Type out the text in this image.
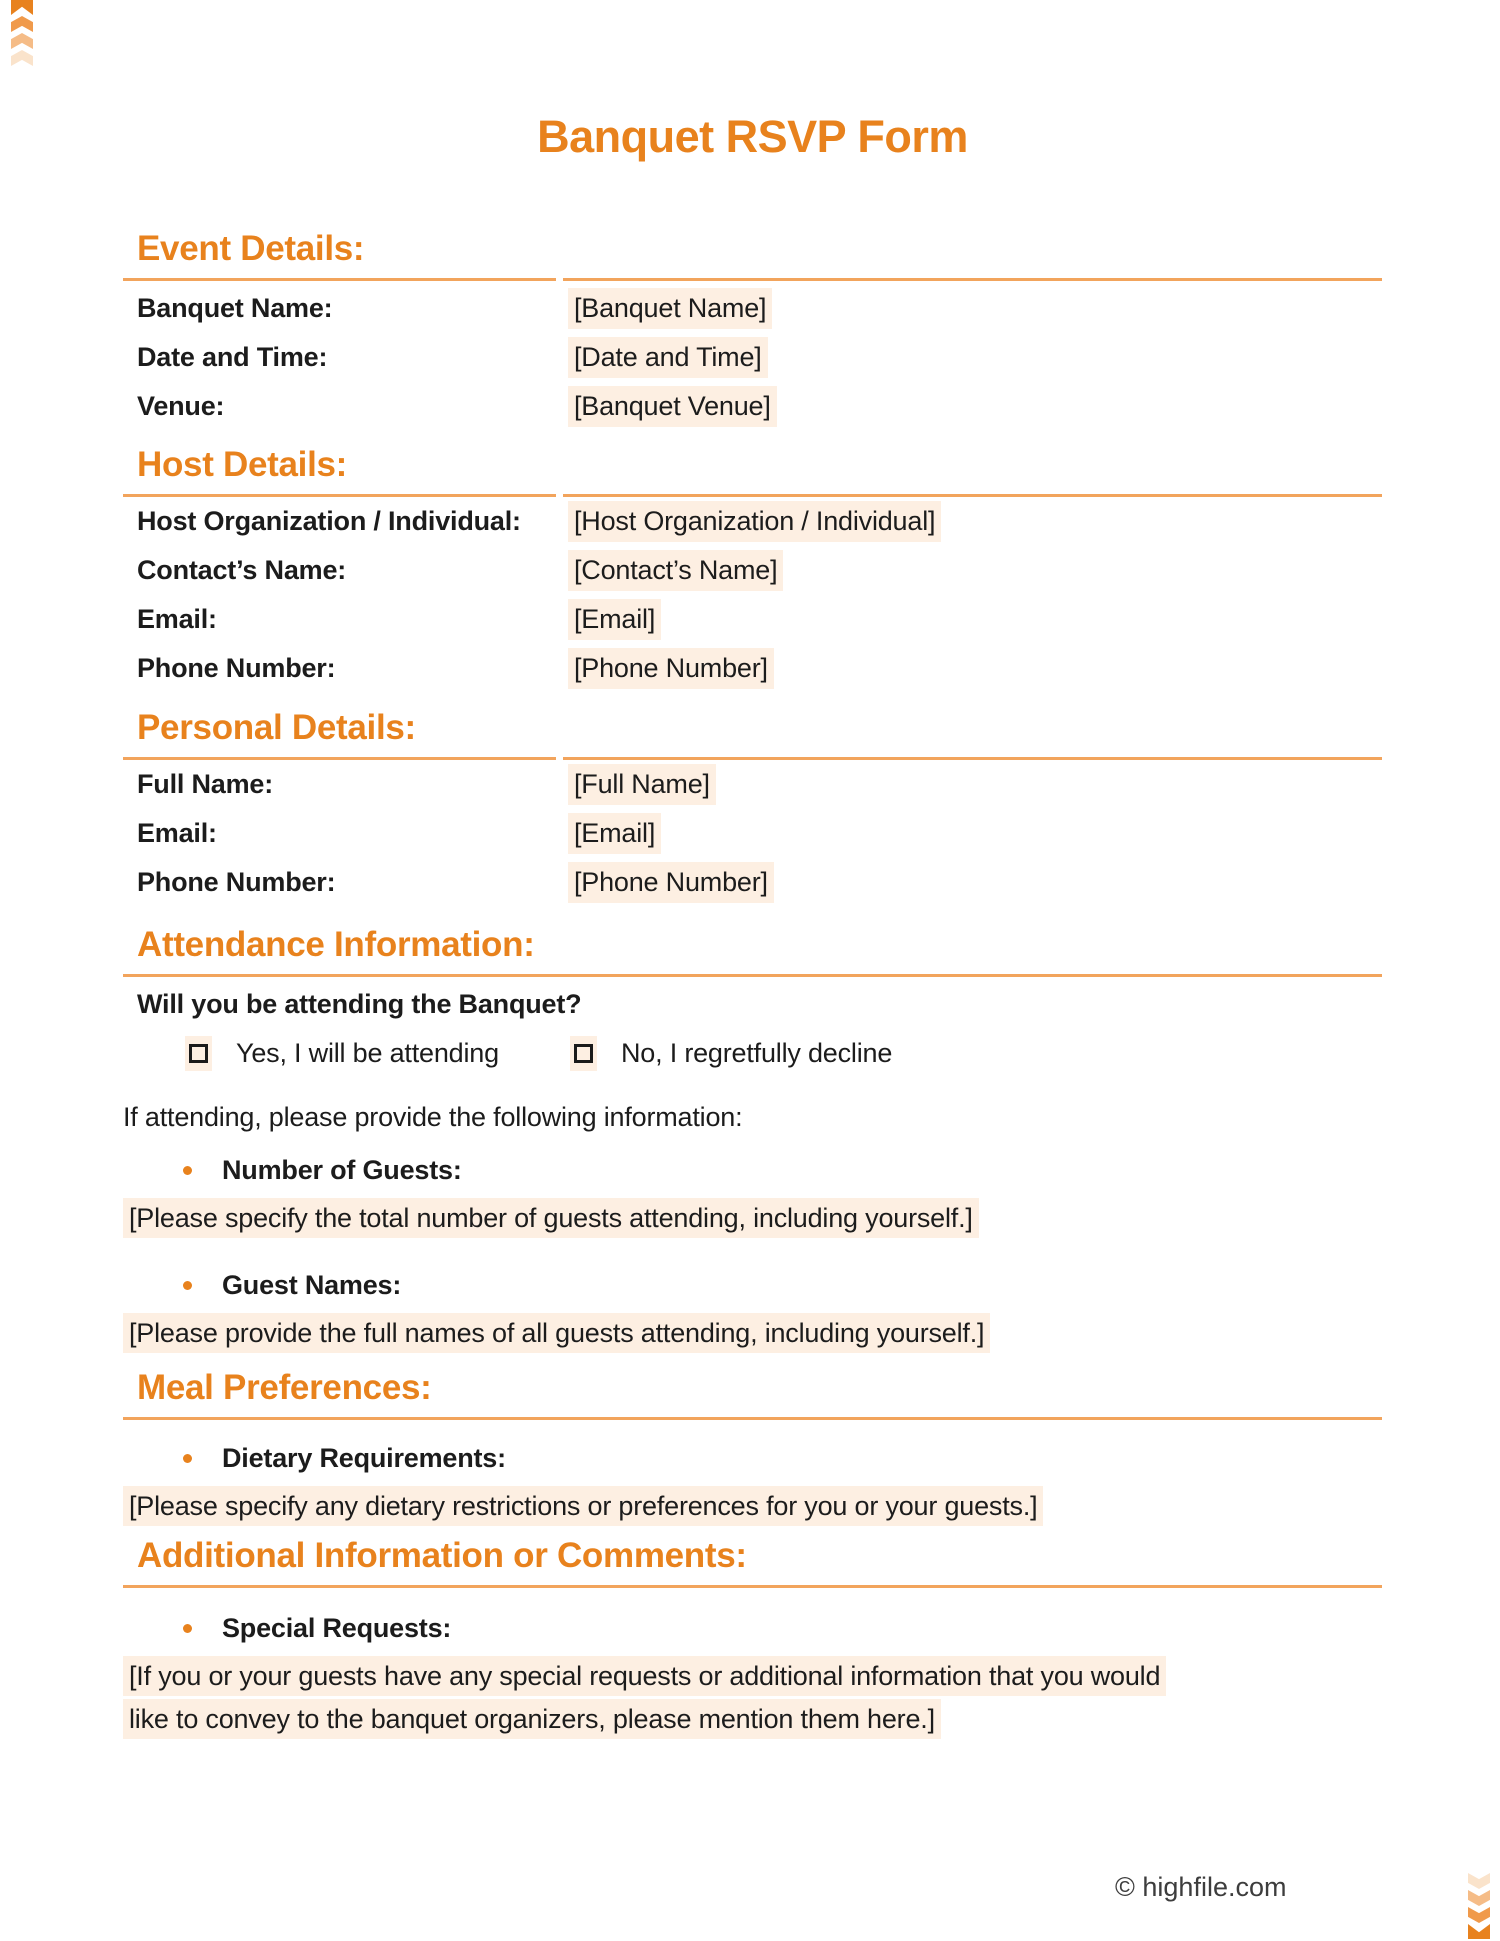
Banquet RSVP Form
Event Details:
Banquet Name:	[Banquet Name]
Date and Time:	[Date and Time]
Venue:	[Banquet Venue]
Host Details:
Host Organization / Individual:	[Host Organization / Individual]
Contact’s Name:	[Contact’s Name]
Email:	[Email]
Phone Number:	[Phone Number]
Personal Details:
Full Name:	[Full Name]
Email:	[Email]
Phone Number:	[Phone Number]
Attendance Information:

Will you be attending the Banquet?

Yes, I will be attending	No, I regretfully decline

If attending, please provide the following information:

Number of Guests:

[Please specify the total number of guests attending, including yourself.]

Guest Names:

[Please provide the full names of all guests attending, including yourself.]

Meal Preferences:
Dietary Requirements:

[Please specify any dietary restrictions or preferences for you or your guests.]

Additional Information or Comments:
Special Requests:

[If you or your guests have any special requests or additional information that you would like to convey to the banquet organizers, please mention them here.]

© highfile.com
